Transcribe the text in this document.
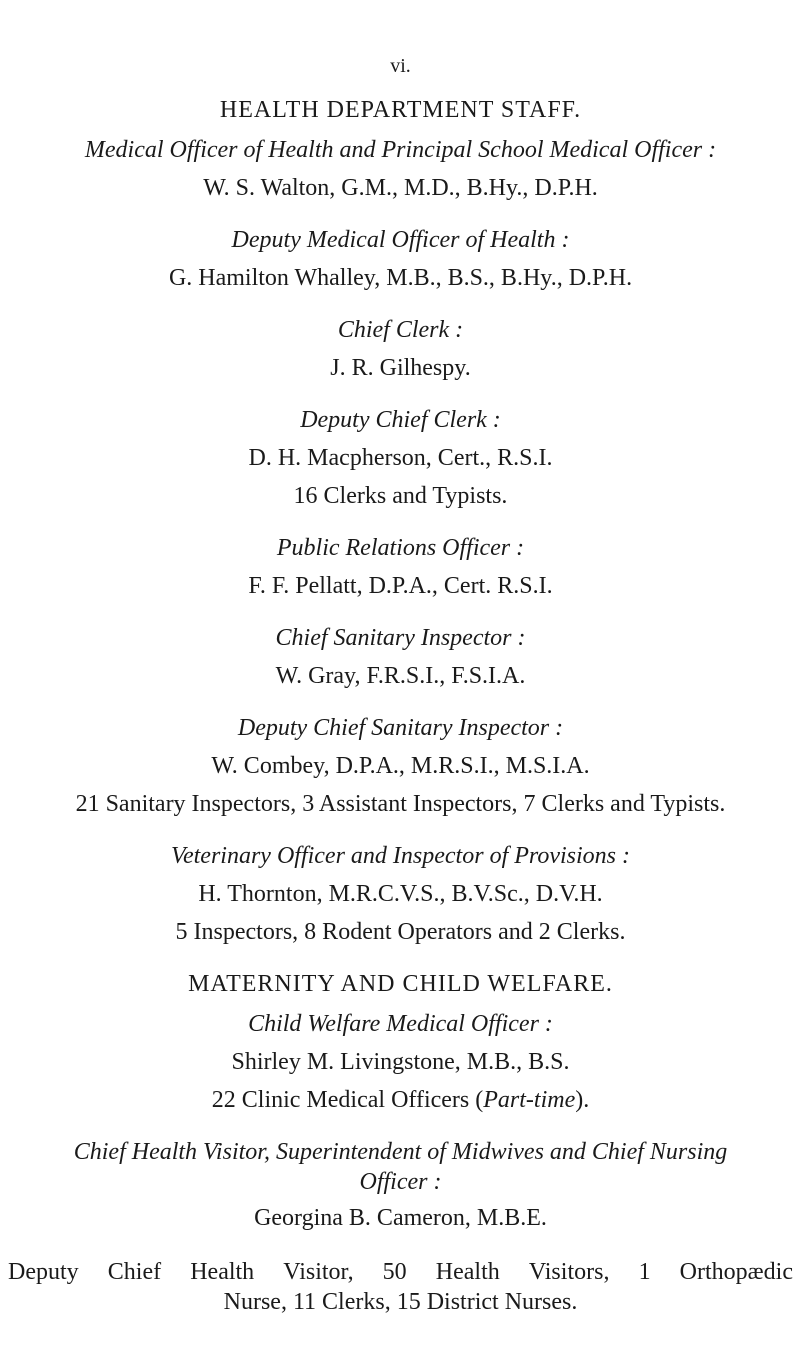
vi.
HEALTH DEPARTMENT STAFF.
Medical Officer of Health and Principal School Medical Officer :
W. S. Walton, G.M., M.D., B.Hy., D.P.H.
Deputy Medical Officer of Health :
G. Hamilton Whalley, M.B., B.S., B.Hy., D.P.H.
Chief Clerk :
J. R. Gilhespy.
Deputy Chief Clerk :
D. H. Macpherson, Cert., R.S.I.
16 Clerks and Typists.
Public Relations Officer :
F. F. Pellatt, D.P.A., Cert. R.S.I.
Chief Sanitary Inspector :
W. Gray, F.R.S.I., F.S.I.A.
Deputy Chief Sanitary Inspector :
W. Combey, D.P.A., M.R.S.I., M.S.I.A.
21 Sanitary Inspectors, 3 Assistant Inspectors, 7 Clerks and Typists.
Veterinary Officer and Inspector of Provisions :
H. Thornton, M.R.C.V.S., B.V.Sc., D.V.H.
5 Inspectors, 8 Rodent Operators and 2 Clerks.
MATERNITY AND CHILD WELFARE.
Child Welfare Medical Officer :
Shirley M. Livingstone, M.B., B.S.
22 Clinic Medical Officers (Part-time).
Chief Health Visitor, Superintendent of Midwives and Chief Nursing
Officer :
Georgina B. Cameron, M.B.E.
Deputy Chief Health Visitor, 50 Health Visitors, 1 Orthopædic
Nurse, 11 Clerks, 15 District Nurses.
